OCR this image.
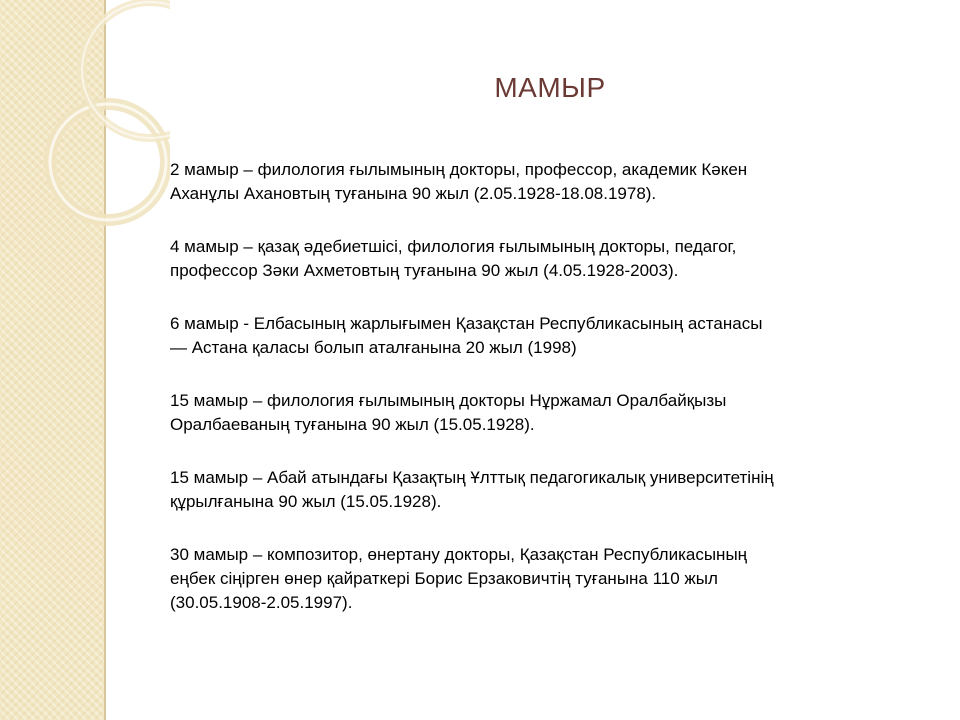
МАМЫР

2 мамыр – филология ғылымының докторы, профессор, академик Кәкен
Аханұлы Ахановтың туғанына 90 жыл (2.05.1928-18.08.1978).

4 мамыр – қазақ әдебиетшісі, филология ғылымының докторы, педагог,
профессор Зәки Ахметовтың туғанына 90 жыл (4.05.1928-2003).

6 мамыр - Елбасының жарлығымен Қазақстан Республикасының астанасы
— Астана қаласы болып аталғанына 20 жыл (1998)

15 мамыр – филология ғылымының докторы Нұржамал Оралбайқызы
Оралбаеваның туғанына 90 жыл (15.05.1928).

15 мамыр – Абай атындағы Қазақтың Ұлттық педагогикалық университетінің
құрылғанына 90 жыл (15.05.1928).

30 мамыр – композитор, өнертану докторы, Қазақстан Республикасының
еңбек сіңірген өнер қайраткері Борис Ерзаковичтің туғанына 110 жыл
(30.05.1908-2.05.1997).
